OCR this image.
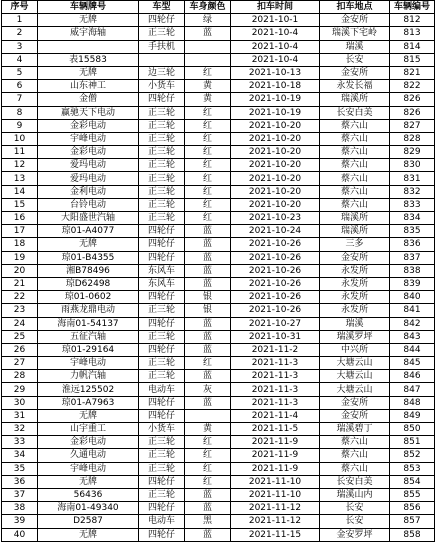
序号	车辆牌号	车型	车身颜色	扣车时间	扣车地点	车辆编号
1	无牌	四轮仔	绿	2021-10-1	金安所	812
2	威宇海轴	正三轮	蓝	2021-10-4	瑞溪下宅岭	813
3		手扶机		2021-10-4	瑞溪	814
4	表15583			2021-10-4	长安	815
5	无牌	边三轮	红	2021-10-13	金安所	821
6	山东神工	小货车	黄	2021-10-18	永发长福	822
7	金僧	四轮仔	黄	2021-10-19	瑞溪所	826
8	赢驰天下电动	正三轮	红	2021-10-19	长安白美	826
9	金彩电动	正三轮	红	2021-10-20	蔡六山	827
10	宇峰电动	正三轮	红	2021-10-20	蔡六山	828
11	金彩电动	正三轮	红	2021-10-20	蔡六山	829
12	爱玛电动	正三轮	红	2021-10-20	蔡六山	830
13	爱玛电动	正三轮	红	2021-10-20	蔡六山	831
14	金利电动	正三轮	红	2021-10-20	蔡六山	832
15	台铃电动	正三轮	红	2021-10-20	蔡六山	833
16	大阳盛世汽轴	正三轮	红	2021-10-23	瑞溪所	834
17	琼01-A4077	四轮仔	蓝	2021-10-24	瑞溪所	835
18	无牌	四轮仔	蓝	2021-10-26	三多	836
19	琼01-B4355	四轮仔	蓝	2021-10-26	金安所	837
20	湘B78496	东风车	蓝	2021-10-26	永发所	838
21	琼D62498	东风车	蓝	2021-10-26	永发所	839
22	琼01-0602	四轮仔	银	2021-10-26	永发所	840
23	雨燕龙鼎电动	正三轮	银	2021-10-26	永发所	841
24	海南01-54137	四轮仔	蓝	2021-10-27	瑞溪	842
25	五征汽轴	正三轮	蓝	2021-10-31	瑞溪罗坪	843
26	琼01-29164	四轮仔	蓝	2021-11-2	中兴所	844
27	宇峰电动	正三轮	红	2021-11-3	大塘云山	845
28	力帆汽轴	正三轮	蓝	2021-11-3	大塘云山	846
29	淮远125502	电动车	灰	2021-11-3	大塘云山	847
30	琼01-A7963	四轮仔	蓝	2021-11-3	金安所	848
31	无牌	四轮仔		2021-11-4	金安所	849
32	山宇重工	小货车	黄	2021-11-5	瑞溪碧丁	850
33	金彩电动	正三轮	红	2021-11-9	蔡六山	851
34	久通电动	正三轮	红	2021-11-9	蔡六山	852
35	宇峰电动	正三轮	红	2021-11-9	蔡六山	853
36	无牌	四轮仔	红	2021-11-10	长安白美	854
37	56436	正三轮	蓝	2021-11-10	瑞溪山内	855
38	海南01-49340	四轮仔	蓝	2021-11-12	长安	856
39	D2587	电动车	黑	2021-11-12	长安	857
40	无牌	四轮仔	蓝	2021-11-15	金安罗坪	858
